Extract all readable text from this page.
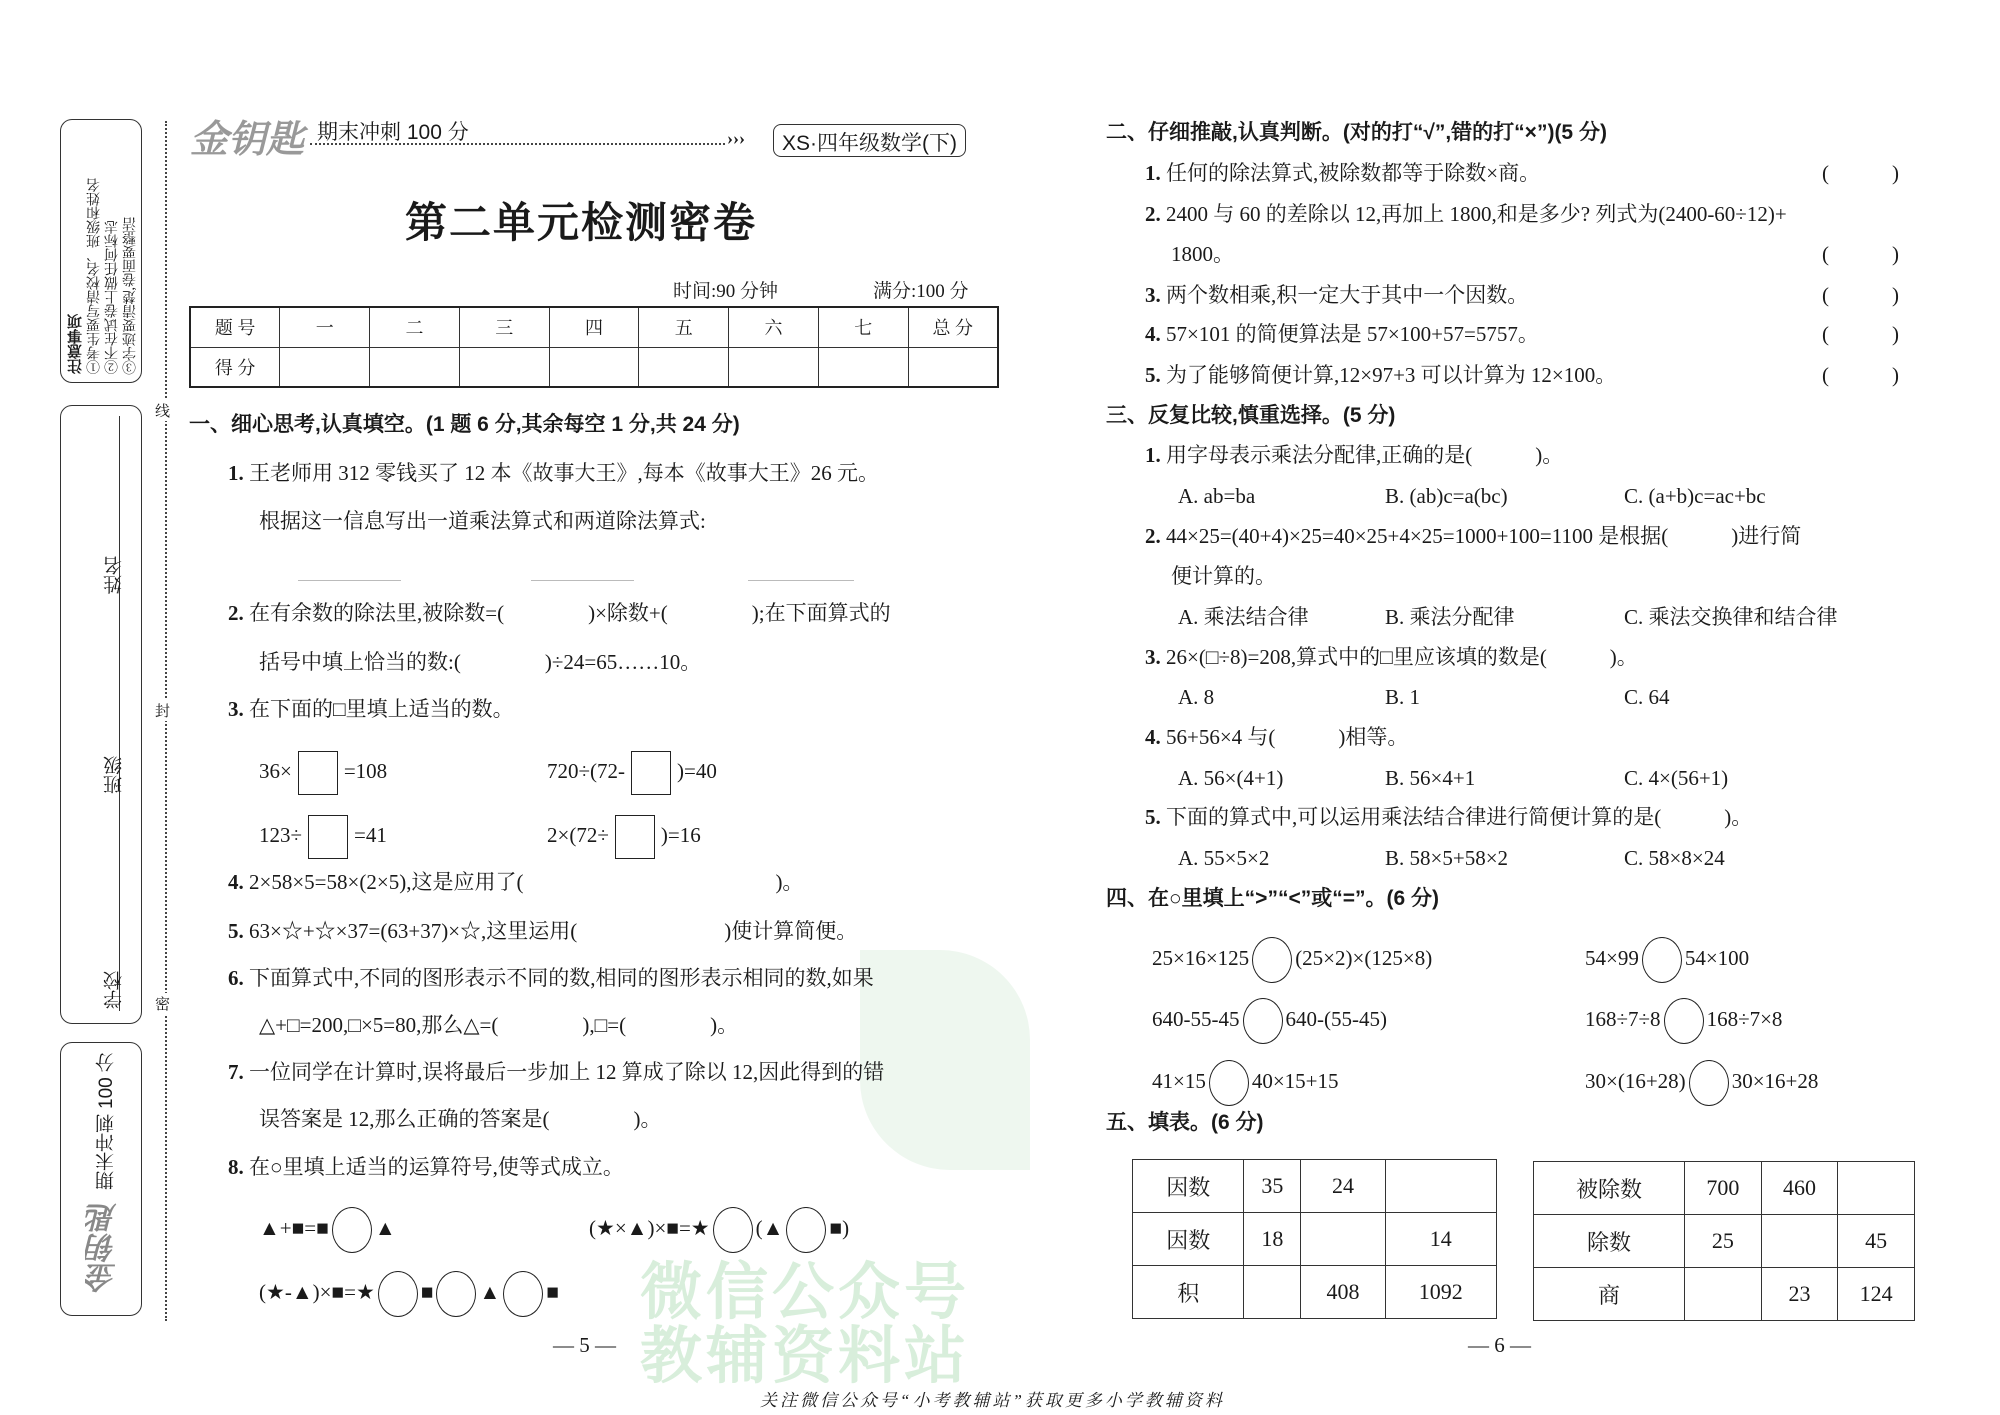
微信公众号
教辅资料站
注意事项 ①考生要写清校名、班级和姓名 ②不在试卷上做任何标志 ③字迹要清楚,卷面要整洁
姓名
班级
学校
期末冲刺 100 分
金钥匙
线
封
密
金钥匙 期末冲刺 100 分	›››	XS·四年级数学(下)
第二单元检测密卷
时间:90 分钟	满分:100 分
题 号	一	二	三	四	五	六	七	总 分
得 分								
一、细心思考,认真填空。(1 题 6 分,其余每空 1 分,共 24 分)
1. 王老师用 312 零钱买了 12 本《故事大王》,每本《故事大王》26 元。
根据这一信息写出一道乘法算式和两道除法算式:
2. 在有余数的除法里,被除数=(　　　　)×除数+(　　　　);在下面算式的
括号中填上恰当的数:(　　　　)÷24=65……10。
3. 在下面的□里填上适当的数。
36× =108	720÷(72- )=40
123÷ =41	2×(72÷ )=16
4. 2×58×5=58×(2×5),这是应用了(　　　　　　　　　　　　)。
5. 63×☆+☆×37=(63+37)×☆,这里运用(　　　　　　　)使计算简便。
6. 下面算式中,不同的图形表示不同的数,相同的图形表示相同的数,如果
△+□=200,□×5=80,那么△=(　　　　),□=(　　　　)。
7. 一位同学在计算时,误将最后一步加上 12 算成了除以 12,因此得到的错
误答案是 12,那么正确的答案是(　　　　)。
8. 在○里填上适当的运算符号,使等式成立。
▲+■=■ ▲	(★×▲)×■=★ (▲ ■)
(★-▲)×■=★ ■ ▲ ■
— 5 —
二、仔细推敲,认真判断。(对的打“√”,错的打“×”)(5 分)
1. 任何的除法算式,被除数都等于除数×商。
2. 2400 与 60 的差除以 12,再加上 1800,和是多少? 列式为(2400-60÷12)+
1800。
3. 两个数相乘,积一定大于其中一个因数。
4. 57×101 的简便算法是 57×100+57=5757。
5. 为了能够简便计算,12×97+3 可以计算为 12×100。
(　　　)
(　　　)
(　　　)
(　　　)
(　　　)
三、反复比较,慎重选择。(5 分)
1. 用字母表示乘法分配律,正确的是(　　　)。
A. ab=ba	B. (ab)c=a(bc)	C. (a+b)c=ac+bc
2. 44×25=(40+4)×25=40×25+4×25=1000+100=1100 是根据(　　　)进行简
便计算的。
A. 乘法结合律	B. 乘法分配律	C. 乘法交换律和结合律
3. 26×(□÷8)=208,算式中的□里应该填的数是(　　　)。
A. 8	B. 1	C. 64
4. 56+56×4 与(　　　)相等。
A. 56×(4+1)	B. 56×4+1	C. 4×(56+1)
5. 下面的算式中,可以运用乘法结合律进行简便计算的是(　　　)。
A. 55×5×2	B. 58×5+58×2	C. 58×8×24
四、在○里填上“>”“<”或“=”。(6 分)
25×16×125 (25×2)×(125×8)	54×99 54×100
640-55-45 640-(55-45)	168÷7÷8 168÷7×8
41×15 40×15+15	30×(16+28) 30×16+28
五、填表。(6 分)
因数	35	24	
因数	18		14
积		408	1092
被除数	700	460	
除数	25		45
商		23	124
— 6 —
关注微信公众号“小考教辅站”获取更多小学教辅资料
